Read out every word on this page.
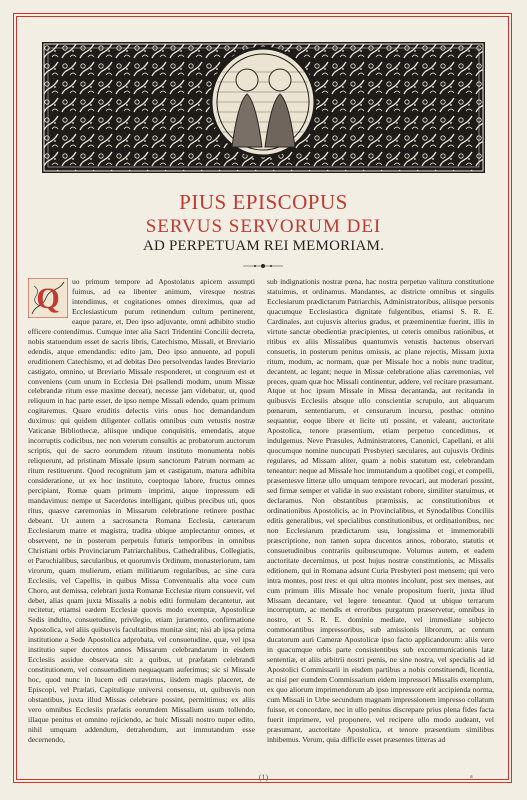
PIUS EPISCOPUS
SERVUS SERVORUM DEI
AD PERPETUAM REI MEMORIAM.
Q
uo primum tempore ad Apostolatus apicem assumpti fuimus, ad ea libenter animum, viresque nostras intendimus, et cogitationes omnes direximus, quæ ad Ecclesiasticum purum retinendum cultum pertinerent, eaque parare, et, Deo ipso adjuvante, omni adhibito studio efficere contendimus. Cumque inter alia Sacri Tridentini Concilii decreta, nobis statuendum esset de sacris libris, Catechismo, Missali, et Breviario edendis, atque emendandis: edito jam, Deo ipso annuente, ad populi eruditionem Catechismo, et ad debitas Deo persolvendas laudes Breviario castigato, omnino, ut Breviario Missale responderet, ut congruum est et conveniens (cum unum in Ecclesia Dei psallendi modum, unum Missæ celebrandæ ritum esse maxime deceat), necesse jam videbatur, ut, quod reliquum in hac parte esset, de ipso nempe Missali edendo, quam primum cogitaremus. Quare eruditis delectis viris onus hoc demandandum duximus: qui quidem diligenter collatis omnibus cum vetustis nostræ Vaticanæ Bibliothecæ, aliisque undique conquisitis, emendatis, atque incorruptis codicibus, nec non veterum consultis ac probatorum auctorum scriptis, qui de sacro eorumdem rituum instituto monumenta nobis reliquerunt, ad pristinam Missale ipsum sanctorum Patrum normam ac ritum restituerunt. Quod recognitum jam et castigatum, matura adhibita consideratione, ut ex hoc instituto, coeptoque labore, fructus omnes percipiant, Romæ quam primum imprimi, atque impressum edi mandavimus: nempe ut Sacerdotes intelligant, quibus precibus uti, quos ritus, quasve cæremonias in Missarum celebratione retinere posthac debeant. Ut autem a sacrosancta Romana Ecclesia, cæterarum Ecclesiarum matre et magistra, tradita ubique amplectantur omnes, et observent, ne in posterum perpetuis futuris temporibus in omnibus Christiani orbis Provinciarum Patriarchalibus, Cathedralibus, Collegiatis, et Parochialibus, sæcularibus, et quorumvis Ordinum, monasteriorum, tam virorum, quam mulierum, etiam militiarum regularibus, ac sine cura Ecclesiis, vel Capellis, in quibus Missa Conventualis alta voce cum Choro, aut demissa, celebrari juxta Romanæ Ecclesiæ ritum consuevit, vel debet, alias quam juxta Missalis a nobis editi formulam decantetur, aut recitetur, etiamsi eædem Ecclesiæ quovis modo exemptæ, Apostolicæ Sedis indulto, consuetudine, privilegio, etiam juramento, confirmatione Apostolica, vel aliis quibusvis facultatibus munitæ sint; nisi ab ipsa prima institutione a Sede Apostolica adprobata, vel consuetudine, quæ, vel ipsa institutio super ducentos annos Missarum celebrandarum in eisdem Ecclesiis assidue observata sit: a quibus, ut præfatam celebrandi constitutionem, vel consuetudinem nequaquam auferimus; sic si Missale hoc, quod nunc in lucem edi curavimus, iisdem magis placeret, de Episcopi, vel Prælati, Capitulique universi consensu, ut, quibusvis non obstantibus, juxta illud Missas celebrare possint, permittimus; ex aliis vero omnibus Ecclesiis præfatis eorumdem Missalium usum tollendo, illaque penitus et omnino rejiciendo, ac huic Missali nostro nuper edito, nihil umquam addendum, detrahendum, aut immutandum esse decernendo,
sub indignationis nostræ pœna, hac nostra perpetuo valitura constitutione statuimus, et ordinamus. Mandantes, ac districte omnibus et singulis Ecclesiarum prædictarum Patriarchis, Administratoribus, aliisque personis quacumque Ecclesiastica dignitate fulgentibus, etiamsi S. R. E. Cardinales, aut cujusvis alterius gradus, et præeminentiæ fuerint, illis in virtute sanctæ obedientiæ præcipientes, ut ceteris omnibus rationibus, et ritibus ex aliis Missalibus quantumvis vetustis hactenus observari consuetis, in posterum penitus omissis, ac plane rejectis, Missam juxta ritum, modum, ac normam, quæ per Missale hoc a nobis nunc traditur, decantent, ac legant; neque in Missæ celebratione alias cæremonias, vel preces, quam quæ hoc Missali continentur, addere, vel recitare præsumant. Atque ut hoc ipsum Missale in Missa decantanda, aut recitanda in quibusvis Ecclesiis absque ullo conscientiæ scrupulo, aut aliquarum pœnarum, sententiarum, et censurarum incursu, posthac omnino sequantur, eoque libere et licite uti possint, et valeant, auctoritate Apostolica, tenore præsentium, etiam perpetuo concedimus, et indulgemus. Neve Præsules, Administratores, Canonici, Capellani, et alii quocumque nomine nuncupati Presbyteri sæculares, aut cujusvis Ordinis regulares, ad Missam aliter, quam a nobis statutum est, celebrandam teneantur: neque ad Missale hoc immutandum a quolibet cogi, et compelli, præsentesve litteræ ullo umquam tempore revocari, aut moderari possint, sed firmæ semper et validæ in suo exsistant robore, similiter statuimus, et declaramus. Non obstantibus præmissis, ac constitutionibus et ordinationibus Apostolicis, ac in Provincialibus, et Synodalibus Conciliis editis generalibus, vel specialibus constitutionibus, et ordinationibus, nec non Ecclesiarum prædictarum usu, longissima et immemorabili præscriptione, non tamen supra ducentos annos, roborato, statutis et consuetudinibus contrariis quibuscumque. Volumus autem, et eadem auctoritate decernimus, ut post hujus nostræ constitutionis, ac Missalis editionem, qui in Romana adsunt Curia Presbyteri post mensem; qui vero intra montes, post tres: et qui ultra montes incolunt, post sex menses, aut cum primum illis Missale hoc venale propositum fuerit, juxta illud Missam decantare, vel legere teneantur. Quod ut ubique terrarum incorruptum, ac mendis et erroribus purgatum præservetur, omnibus in nostro, et S. R. E. dominio mediate, vel immediate subjecto commorantibus impressoribus, sub amissionis librorum, ac centum ducatorum auri Cameræ Apostolicæ ipso facto applicandorum: aliis vero in quacumque orbis parte consistentibus sub excommunicationis latæ sententiæ, et aliis arbitrii nostri pœnis, ne sine nostra, vel specialis ad id Apostolici Commissarii in eisdem partibus a nobis constituendi, licentia, ac nisi per eumdem Commissarium eidem impressori Missalis exemplum, ex quo aliorum imprimendorum ab ipso impressore erit accipienda norma, cum Missali in Urbe secundum magnam impressionem impresso collatum fuisse, et concordare, nec in ullo penitus discrepare prius plena fides facta fuerit imprimere, vel proponere, vel recipere ullo modo audeant, vel præsumant, auctoritate Apostolica, et tenore præsentium similibus inhibemus. Verum, quia difficile esset præsentes litteras ad
(1)	a
